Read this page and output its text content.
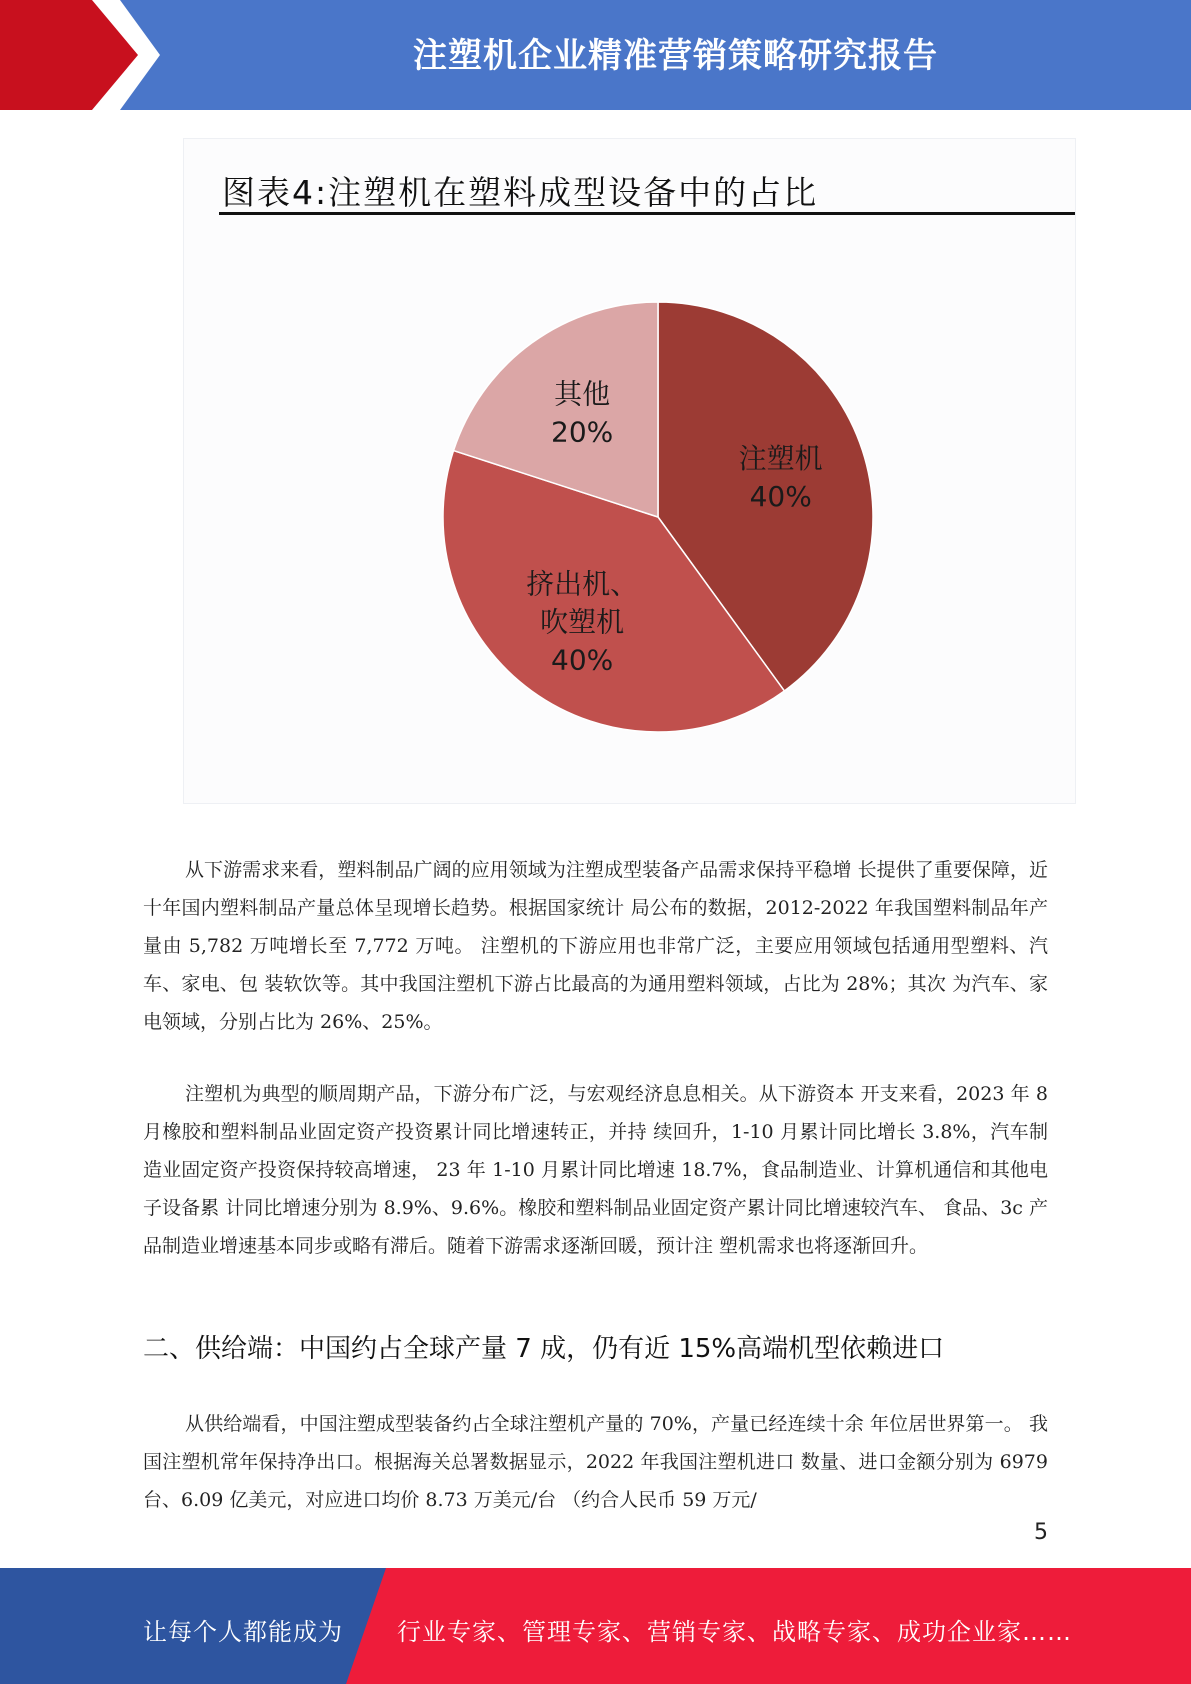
注塑机企业精准营销策略研究报告
图表4:注塑机在塑料成型设备中的占比
注塑机
40%
挤出机、
吹塑机
40%
其他
20%

从下游需求来看，塑料制品广阔的应用领域为注塑成型装备产品需求保持平稳增 长提供了重要保障，近十年国内塑料制品产量总体呈现增长趋势。根据国家统计 局公布的数据，2012-2022 年我国塑料制品年产量由 5,782 万吨增长至 7,772 万吨。 注塑机的下游应用也非常广泛，主要应用领域包括通用型塑料、汽车、家电、包 装软饮等。其中我国注塑机下游占比最高的为通用塑料领域，占比为 28%；其次 为汽车、家电领域，分别占比为 26%、25%。

注塑机为典型的顺周期产品，下游分布广泛，与宏观经济息息相关。从下游资本 开支来看，2023 年 8 月橡胶和塑料制品业固定资产投资累计同比增速转正，并持 续回升，1-10 月累计同比增长 3.8%，汽车制造业固定资产投资保持较高增速， 23 年 1-10 月累计同比增速 18.7%，食品制造业、计算机通信和其他电子设备累 计同比增速分别为 8.9%、9.6%。橡胶和塑料制品业固定资产累计同比增速较汽车、 食品、3c 产品制造业增速基本同步或略有滞后。随着下游需求逐渐回暖，预计注 塑机需求也将逐渐回升。

二、供给端：中国约占全球产量 7 成，仍有近 15%高端机型依赖进口

从供给端看，中国注塑成型装备约占全球注塑机产量的 70%，产量已经连续十余 年位居世界第一。 我国注塑机常年保持净出口。根据海关总署数据显示，2022 年我国注塑机进口 数量、进口金额分别为 6979 台、6.09 亿美元，对应进口均价 8.73 万美元/台 （约合人民币 59 万元/

5
让每个人都能成为 行业专家、管理专家、营销专家、战略专家、成功企业家……
